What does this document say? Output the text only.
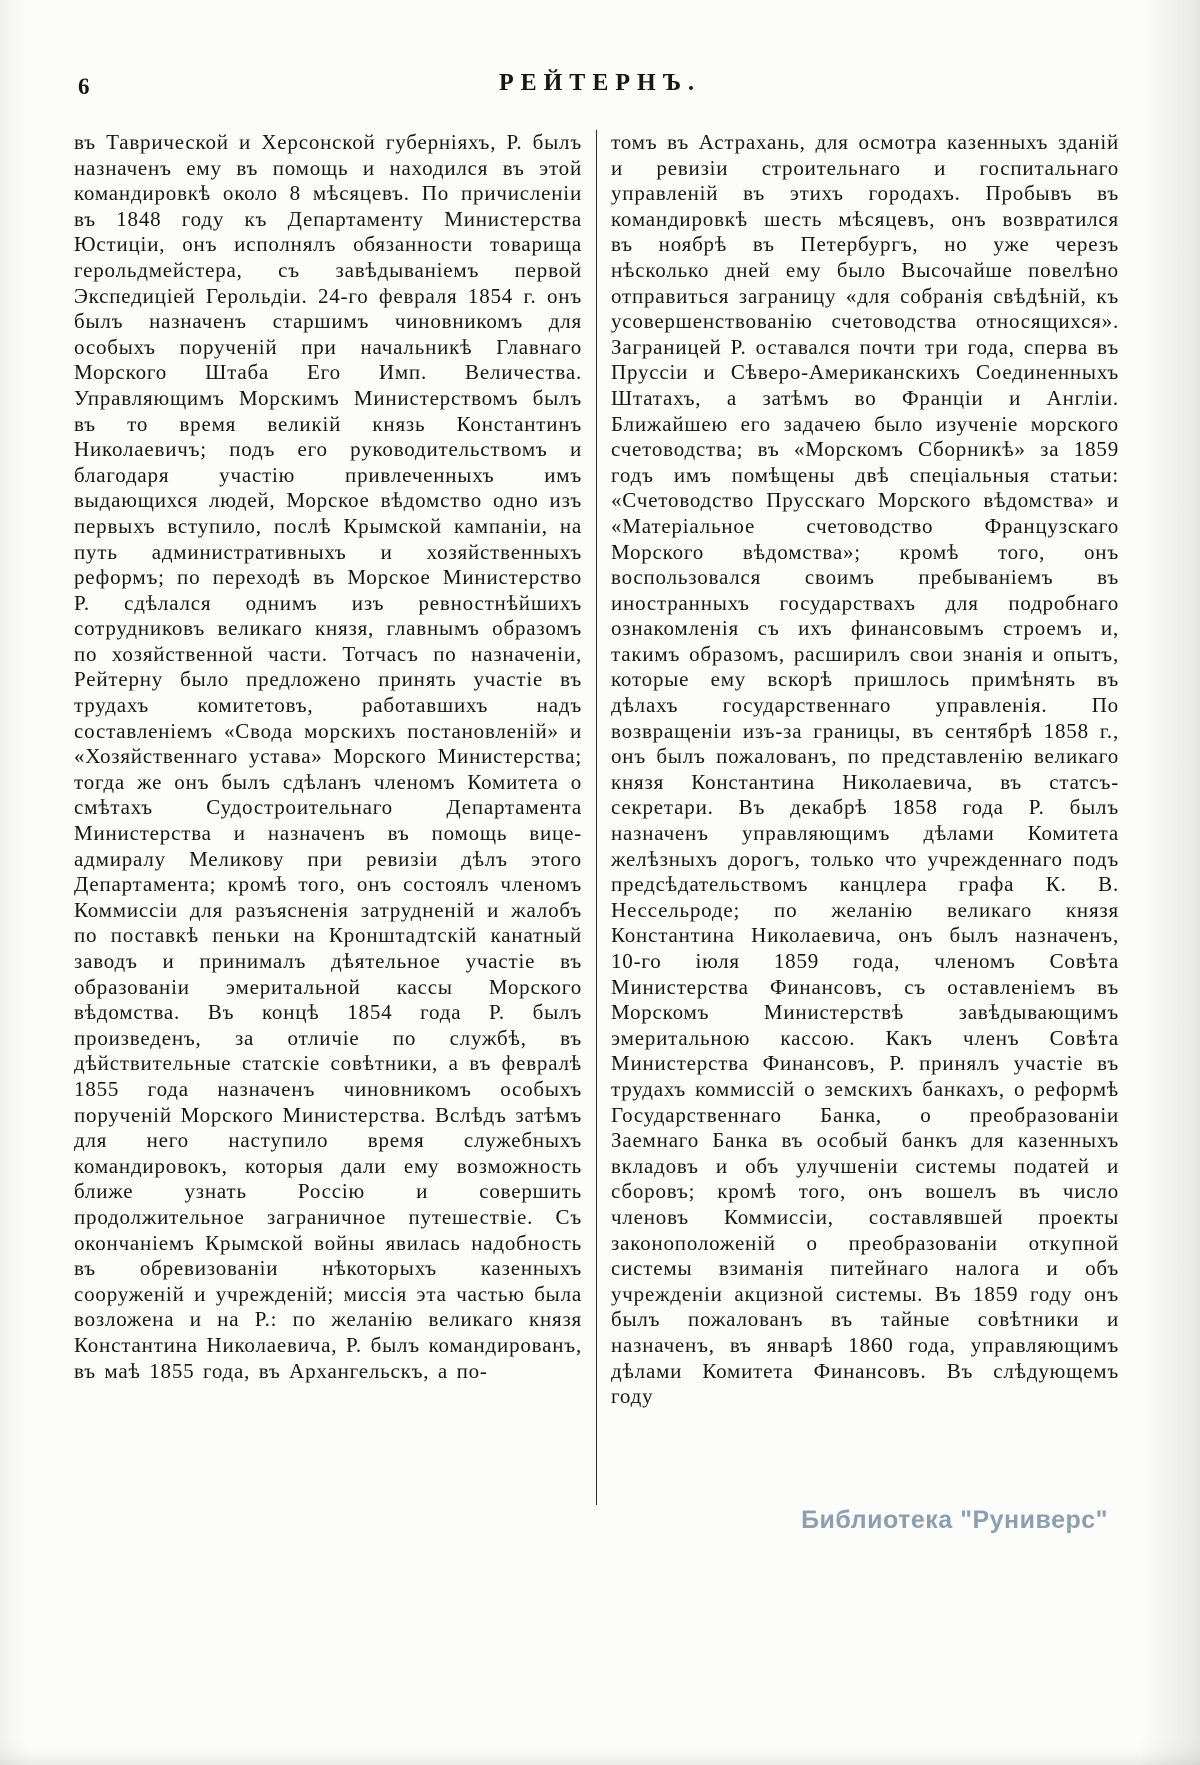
6	РЕЙТЕРНЪ.
въ Таврической и Херсонской губерніяхъ, Р. былъ назначенъ ему въ помощь и находился въ этой командировкѣ около 8 мѣсяцевъ. По причисленіи въ 1848 году къ Департаменту Министерства Юстиціи, онъ исполнялъ обязанности товарища герольдмейстера, съ завѣдываніемъ первой Экспедиціей Герольдіи. 24-го февраля 1854 г. онъ былъ назначенъ старшимъ чиновникомъ для особыхъ порученій при начальникѣ Главнаго Морского Штаба Его Имп. Величества. Управляющимъ Морскимъ Министерствомъ былъ въ то время великій князь Константинъ Николаевичъ; подъ его руководительствомъ и благодаря участію привлеченныхъ имъ выдающихся людей, Морское вѣдомство одно изъ первыхъ вступило, послѣ Крымской кампаніи, на путь административныхъ и хозяйственныхъ реформъ; по переходѣ въ Морское Министерство Р. сдѣлался однимъ изъ ревностнѣйшихъ сотрудниковъ великаго князя, главнымъ образомъ по хозяйственной части. Тотчасъ по назначеніи, Рейтерну было предложено принять участіе въ трудахъ комитетовъ, работавшихъ надъ составленіемъ «Свода морскихъ постановленій» и «Хозяйственнаго устава» Морского Министерства; тогда же онъ былъ сдѣланъ членомъ Комитета о смѣтахъ Судостроительнаго Департамента Министерства и назначенъ въ помощь вице-адмиралу Меликову при ревизіи дѣлъ этого Департамента; кромѣ того, онъ состоялъ членомъ Коммиссіи для разъясненія затрудненій и жалобъ по поставкѣ пеньки на Кронштадтскій канатный заводъ и принималъ дѣятельное участіе въ образованіи эмеритальной кассы Морского вѣдомства. Въ концѣ 1854 года Р. былъ произведенъ, за отличіе по службѣ, въ дѣйствительные статскіе совѣтники, а въ февралѣ 1855 года назначенъ чиновникомъ особыхъ порученій Морского Министерства. Вслѣдъ затѣмъ для него наступило время служебныхъ командировокъ, которыя дали ему возможность ближе узнать Россію и совершить продолжительное заграничное путешествіе. Съ окончаніемъ Крымской войны явилась надобность въ обревизованіи нѣкоторыхъ казенныхъ сооруженій и учрежденій; миссія эта частью была возложена и на Р.: по желанію великаго князя Константина Николаевича, Р. былъ командированъ, въ маѣ 1855 года, въ Архангельскъ, а по-
томъ въ Астрахань, для осмотра казенныхъ зданій и ревизіи строительнаго и госпитальнаго управленій въ этихъ городахъ. Пробывъ въ командировкѣ шесть мѣсяцевъ, онъ возвратился въ ноябрѣ въ Петербургъ, но уже черезъ нѣсколько дней ему было Высочайше повелѣно отправиться заграницу «для собранія свѣдѣній, къ усовершенствованію счетоводства относящихся». Заграницей Р. оставался почти три года, сперва въ Пруссіи и Сѣверо-Американскихъ Соединенныхъ Штатахъ, а затѣмъ во Франціи и Англіи. Ближайшею его задачею было изученіе морского счетоводства; въ «Морскомъ Сборникѣ» за 1859 годъ имъ помѣщены двѣ спеціальныя статьи: «Счетоводство Прусскаго Морского вѣдомства» и «Матеріальное счетоводство Французскаго Морского вѣдомства»; кромѣ того, онъ воспользовался своимъ пребываніемъ въ иностранныхъ государствахъ для подробнаго ознакомленія съ ихъ финансовымъ строемъ и, такимъ образомъ, расширилъ свои знанія и опытъ, которые ему вскорѣ пришлось примѣнять въ дѣлахъ государственнаго управленія. По возвращеніи изъ-за границы, въ сентябрѣ 1858 г., онъ былъ пожалованъ, по представленію великаго князя Константина Николаевича, въ статсъ-секретари. Въ декабрѣ 1858 года Р. былъ назначенъ управляющимъ дѣлами Комитета желѣзныхъ дорогъ, только что учрежденнаго подъ предсѣдательствомъ канцлера графа К. В. Нессельроде; по желанію великаго князя Константина Николаевича, онъ былъ назначенъ, 10-го іюля 1859 года, членомъ Совѣта Министерства Финансовъ, съ оставленіемъ въ Морскомъ Министерствѣ завѣдывающимъ эмеритальною кассою. Какъ членъ Совѣта Министерства Финансовъ, Р. принялъ участіе въ трудахъ коммиссій о земскихъ банкахъ, о реформѣ Государственнаго Банка, о преобразованіи Заемнаго Банка въ особый банкъ для казенныхъ вкладовъ и объ улучшеніи системы податей и сборовъ; кромѣ того, онъ вошелъ въ число членовъ Коммиссіи, составлявшей проекты законоположеній о преобразованіи откупной системы взиманія питейнаго налога и объ учрежденіи акцизной системы. Въ 1859 году онъ былъ пожалованъ въ тайные совѣтники и назначенъ, въ январѣ 1860 года, управляющимъ дѣлами Комитета Финансовъ. Въ слѣдующемъ году
Библиотека "Руниверс"
